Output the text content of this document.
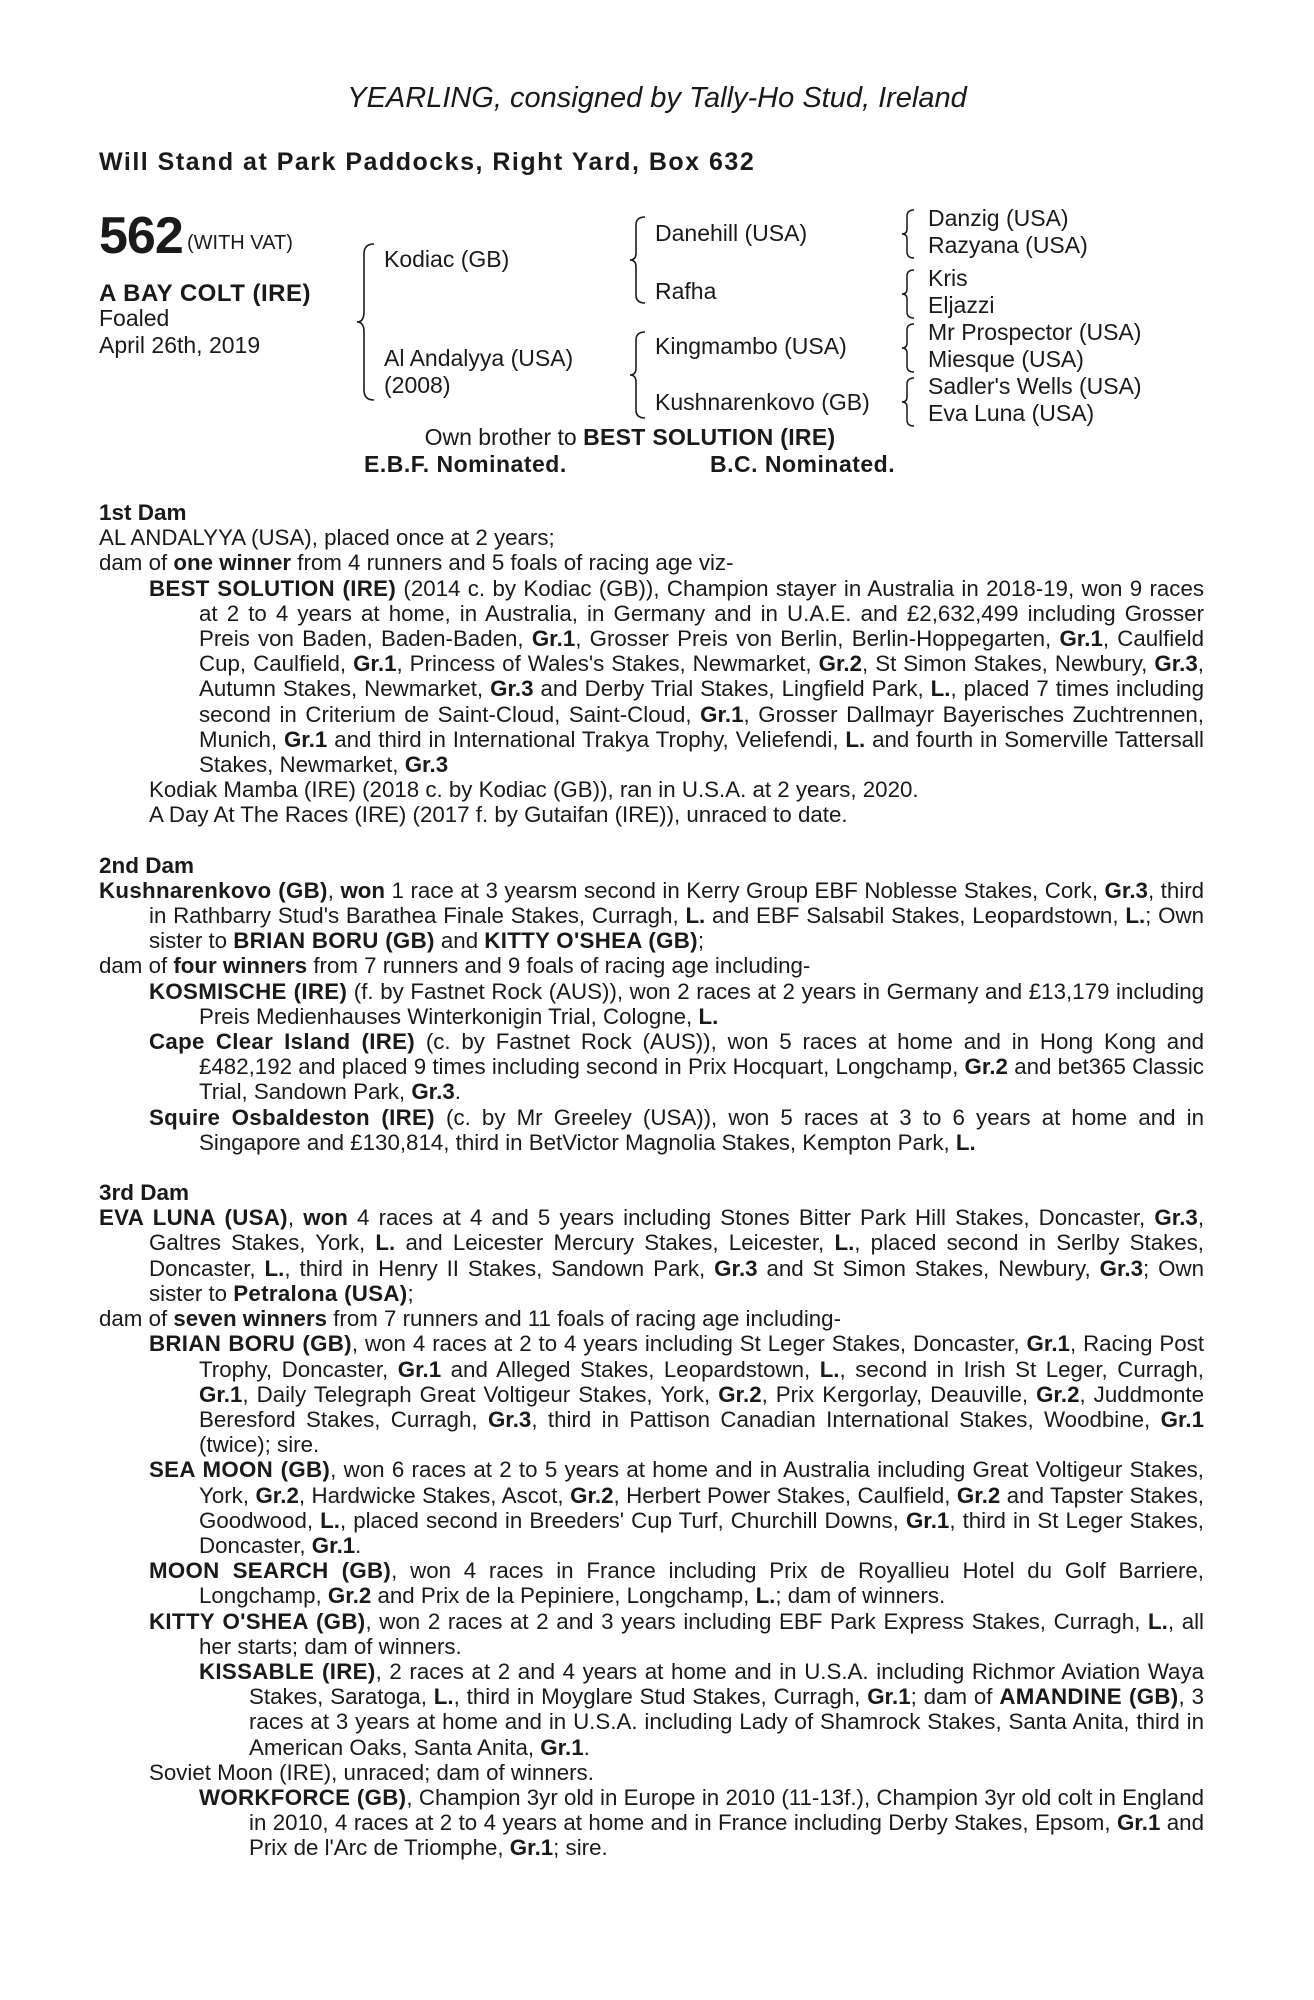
YEARLING, consigned by Tally-Ho Stud, Ireland
Will Stand at Park Paddocks, Right Yard, Box 632
562 (WITH VAT)
A BAY COLT (IRE)
Foaled
April 26th, 2019
Kodiac (GB)
Al Andalyya (USA)
(2008)
Danehill (USA)
Rafha
Kingmambo (USA)
Kushnarenkovo (GB)
Danzig (USA)
Razyana (USA)
Kris
Eljazzi
Mr Prospector (USA)
Miesque (USA)
Sadler's Wells (USA)
Eva Luna (USA)
Own brother to BEST SOLUTION (IRE)
E.B.F. Nominated.	B.C. Nominated.
1st Dam

AL ANDALYYA (USA), placed once at 2 years;

dam of one winner from 4 runners and 5 foals of racing age viz-

BEST SOLUTION (IRE) (2014 c. by Kodiac (GB)), Champion stayer in Australia in 2018-19, won 9 races at 2 to 4 years at home, in Australia, in Germany and in U.A.E. and £2,632,499 including Grosser Preis von Baden, Baden-Baden, Gr.1, Grosser Preis von Berlin, Berlin-Hoppegarten, Gr.1, Caulfield Cup, Caulfield, Gr.1, Princess of Wales's Stakes, Newmarket, Gr.2, St Simon Stakes, Newbury, Gr.3, Autumn Stakes, Newmarket, Gr.3 and Derby Trial Stakes, Lingfield Park, L., placed 7 times including second in Criterium de Saint-Cloud, Saint-Cloud, Gr.1, Grosser Dallmayr Bayerisches Zuchtrennen, Munich, Gr.1 and third in International Trakya Trophy, Veliefendi, L. and fourth in Somerville Tattersall Stakes, Newmarket, Gr.3

Kodiak Mamba (IRE) (2018 c. by Kodiac (GB)), ran in U.S.A. at 2 years, 2020.

A Day At The Races (IRE) (2017 f. by Gutaifan (IRE)), unraced to date.

2nd Dam

Kushnarenkovo (GB), won 1 race at 3 yearsm second in Kerry Group EBF Noblesse Stakes, Cork, Gr.3, third in Rathbarry Stud's Barathea Finale Stakes, Curragh, L. and EBF Salsabil Stakes, Leopardstown, L.; Own sister to BRIAN BORU (GB) and KITTY O'SHEA (GB);

dam of four winners from 7 runners and 9 foals of racing age including-

KOSMISCHE (IRE) (f. by Fastnet Rock (AUS)), won 2 races at 2 years in Germany and £13,179 including Preis Medienhauses Winterkonigin Trial, Cologne, L.

Cape Clear Island (IRE) (c. by Fastnet Rock (AUS)), won 5 races at home and in Hong Kong and £482,192 and placed 9 times including second in Prix Hocquart, Longchamp, Gr.2 and bet365 Classic Trial, Sandown Park, Gr.3.

Squire Osbaldeston (IRE) (c. by Mr Greeley (USA)), won 5 races at 3 to 6 years at home and in Singapore and £130,814, third in BetVictor Magnolia Stakes, Kempton Park, L.

3rd Dam

EVA LUNA (USA), won 4 races at 4 and 5 years including Stones Bitter Park Hill Stakes, Doncaster, Gr.3, Galtres Stakes, York, L. and Leicester Mercury Stakes, Leicester, L., placed second in Serlby Stakes, Doncaster, L., third in Henry II Stakes, Sandown Park, Gr.3 and St Simon Stakes, Newbury, Gr.3; Own sister to Petralona (USA);

dam of seven winners from 7 runners and 11 foals of racing age including-

BRIAN BORU (GB), won 4 races at 2 to 4 years including St Leger Stakes, Doncaster, Gr.1, Racing Post Trophy, Doncaster, Gr.1 and Alleged Stakes, Leopardstown, L., second in Irish St Leger, Curragh, Gr.1, Daily Telegraph Great Voltigeur Stakes, York, Gr.2, Prix Kergorlay, Deauville, Gr.2, Juddmonte Beresford Stakes, Curragh, Gr.3, third in Pattison Canadian International Stakes, Woodbine, Gr.1 (twice); sire.

SEA MOON (GB), won 6 races at 2 to 5 years at home and in Australia including Great Voltigeur Stakes, York, Gr.2, Hardwicke Stakes, Ascot, Gr.2, Herbert Power Stakes, Caulfield, Gr.2 and Tapster Stakes, Goodwood, L., placed second in Breeders' Cup Turf, Churchill Downs, Gr.1, third in St Leger Stakes, Doncaster, Gr.1.

MOON SEARCH (GB), won 4 races in France including Prix de Royallieu Hotel du Golf Barriere, Longchamp, Gr.2 and Prix de la Pepiniere, Longchamp, L.; dam of winners.

KITTY O'SHEA (GB), won 2 races at 2 and 3 years including EBF Park Express Stakes, Curragh, L., all her starts; dam of winners.

KISSABLE (IRE), 2 races at 2 and 4 years at home and in U.S.A. including Richmor Aviation Waya Stakes, Saratoga, L., third in Moyglare Stud Stakes, Curragh, Gr.1; dam of AMANDINE (GB), 3 races at 3 years at home and in U.S.A. including Lady of Shamrock Stakes, Santa Anita, third in American Oaks, Santa Anita, Gr.1.

Soviet Moon (IRE), unraced; dam of winners.

WORKFORCE (GB), Champion 3yr old in Europe in 2010 (11-13f.), Champion 3yr old colt in England in 2010, 4 races at 2 to 4 years at home and in France including Derby Stakes, Epsom, Gr.1 and Prix de l'Arc de Triomphe, Gr.1; sire.
